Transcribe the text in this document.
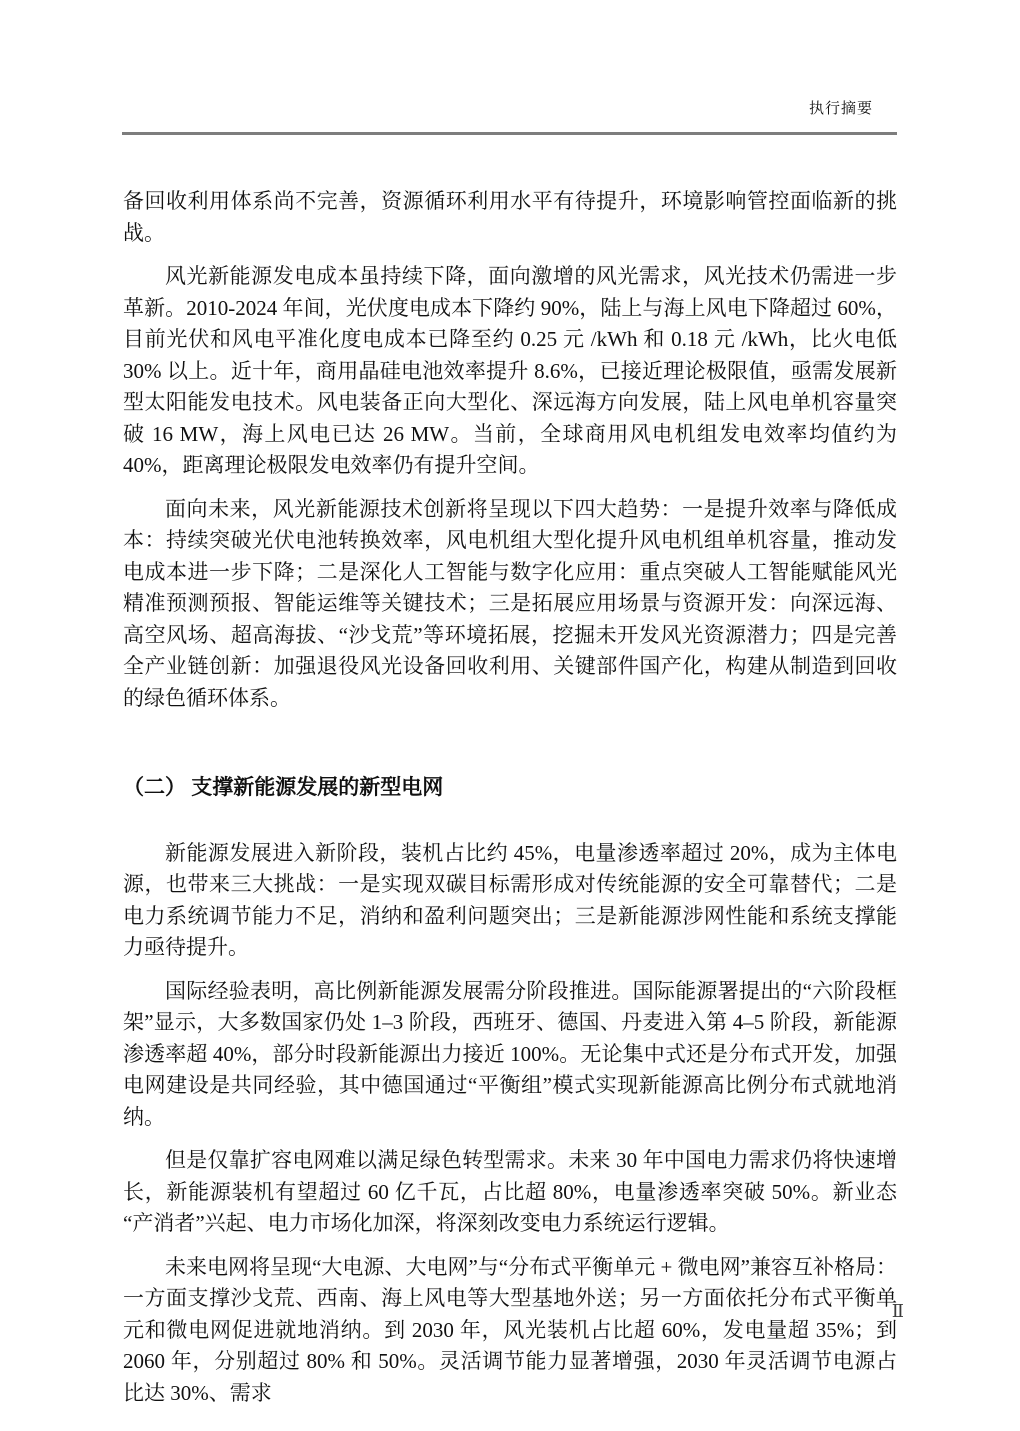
执行摘要

备回收利用体系尚不完善，资源循环利用水平有待提升，环境影响管控面临新的挑战。

风光新能源发电成本虽持续下降，面向激增的风光需求，风光技术仍需进一步革新。2010-2024 年间，光伏度电成本下降约 90%，陆上与海上风电下降超过 60%，目前光伏和风电平准化度电成本已降至约 0.25 元 /kWh 和 0.18 元 /kWh，比火电低 30% 以上。近十年，商用晶硅电池效率提升 8.6%，已接近理论极限值，亟需发展新型太阳能发电技术。风电装备正向大型化、深远海方向发展，陆上风电单机容量突破 16 MW，海上风电已达 26 MW。当前，全球商用风电机组发电效率均值约为 40%，距离理论极限发电效率仍有提升空间。

面向未来，风光新能源技术创新将呈现以下四大趋势：一是提升效率与降低成本：持续突破光伏电池转换效率，风电机组大型化提升风电机组单机容量，推动发电成本进一步下降；二是深化人工智能与数字化应用：重点突破人工智能赋能风光精准预测预报、智能运维等关键技术；三是拓展应用场景与资源开发：向深远海、高空风场、超高海拔、“沙戈荒”等环境拓展，挖掘未开发风光资源潜力；四是完善全产业链创新：加强退役风光设备回收利用、关键部件国产化，构建从制造到回收的绿色循环体系。

（二） 支撑新能源发展的新型电网

新能源发展进入新阶段，装机占比约 45%，电量渗透率超过 20%，成为主体电源，也带来三大挑战：一是实现双碳目标需形成对传统能源的安全可靠替代；二是电力系统调节能力不足，消纳和盈利问题突出；三是新能源涉网性能和系统支撑能力亟待提升。

国际经验表明，高比例新能源发展需分阶段推进。国际能源署提出的“六阶段框架”显示，大多数国家仍处 1–3 阶段，西班牙、德国、丹麦进入第 4–5 阶段，新能源渗透率超 40%，部分时段新能源出力接近 100%。无论集中式还是分布式开发，加强电网建设是共同经验，其中德国通过“平衡组”模式实现新能源高比例分布式就地消纳。

但是仅靠扩容电网难以满足绿色转型需求。未来 30 年中国电力需求仍将快速增长，新能源装机有望超过 60 亿千瓦，占比超 80%，电量渗透率突破 50%。新业态“产消者”兴起、电力市场化加深，将深刻改变电力系统运行逻辑。

未来电网将呈现“大电源、大电网”与“分布式平衡单元 + 微电网”兼容互补格局：一方面支撑沙戈荒、西南、海上风电等大型基地外送；另一方面依托分布式平衡单元和微电网促进就地消纳。到 2030 年，风光装机占比超 60%，发电量超 35%；到 2060 年，分别超过 80% 和 50%。灵活调节能力显著增强，2030 年灵活调节电源占比达 30%、需求

Ⅱ
